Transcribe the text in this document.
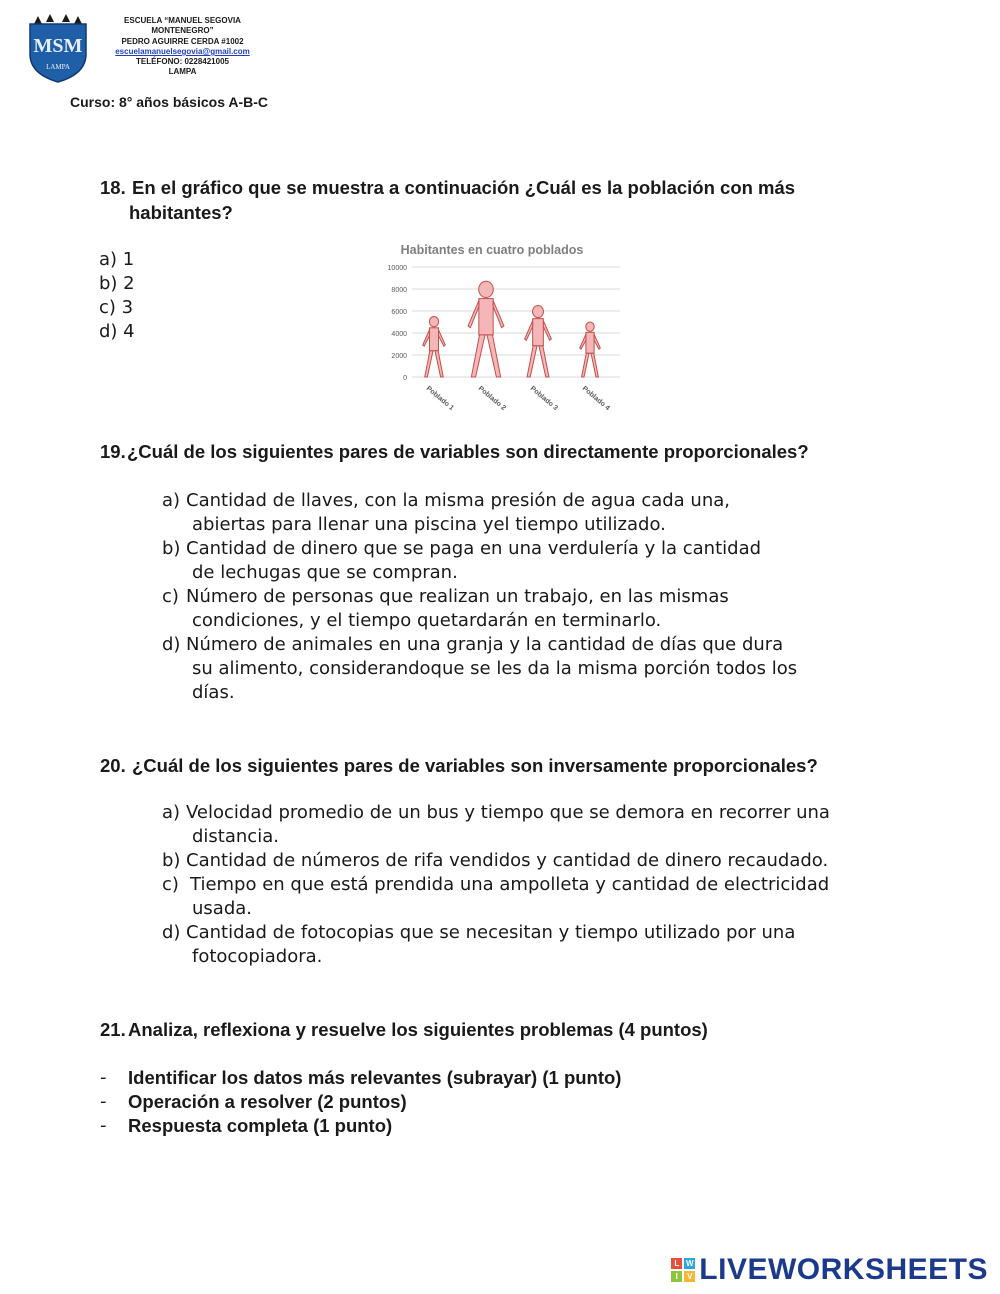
MSM
LAMPA
ESCUELA “MANUEL SEGOVIA
MONTENEGRO”
PEDRO AGUIRRE CERDA #1002
escuelamanuelsegovia@gmail.com
TELÉFONO: 0228421005
LAMPA
Curso: 8° años básicos A-B-C
18. En el gráfico que se muestra a continuación ¿Cuál es la población con más
habitantes?
a) 1
b) 2
c) 3
d) 4
Habitantes en cuatro poblados
10000
8000
6000
4000
2000
0
Poblado 1	Poblado 2	Poblado 3	Poblado 4
19. ¿Cuál de los siguientes pares de variables son directamente proporcionales?
a) Cantidad de llaves, con la misma presión de agua cada una,
abiertas para llenar una piscina yel tiempo utilizado.
b) Cantidad de dinero que se paga en una verdulería y la cantidad
de lechugas que se compran.
c) Número de personas que realizan un trabajo, en las mismas
condiciones, y el tiempo quetardarán en terminarlo.
d) Número de animales en una granja y la cantidad de días que dura
su alimento, considerandoque se les da la misma porción todos los
días.
20. ¿Cuál de los siguientes pares de variables son inversamente proporcionales?
a) Velocidad promedio de un bus y tiempo que se demora en recorrer una
distancia.
b) Cantidad de números de rifa vendidos y cantidad de dinero recaudado.
c) Tiempo en que está prendida una ampolleta y cantidad de electricidad
usada.
d) Cantidad de fotocopias que se necesitan y tiempo utilizado por una
fotocopiadora.
21. Analiza, reflexiona y resuelve los siguientes problemas (4 puntos)
- Identificar los datos más relevantes (subrayar) (1 punto)
- Operación a resolver (2 puntos)
- Respuesta completa (1 punto)
L W
I	V LIVEWORKSHEETS
